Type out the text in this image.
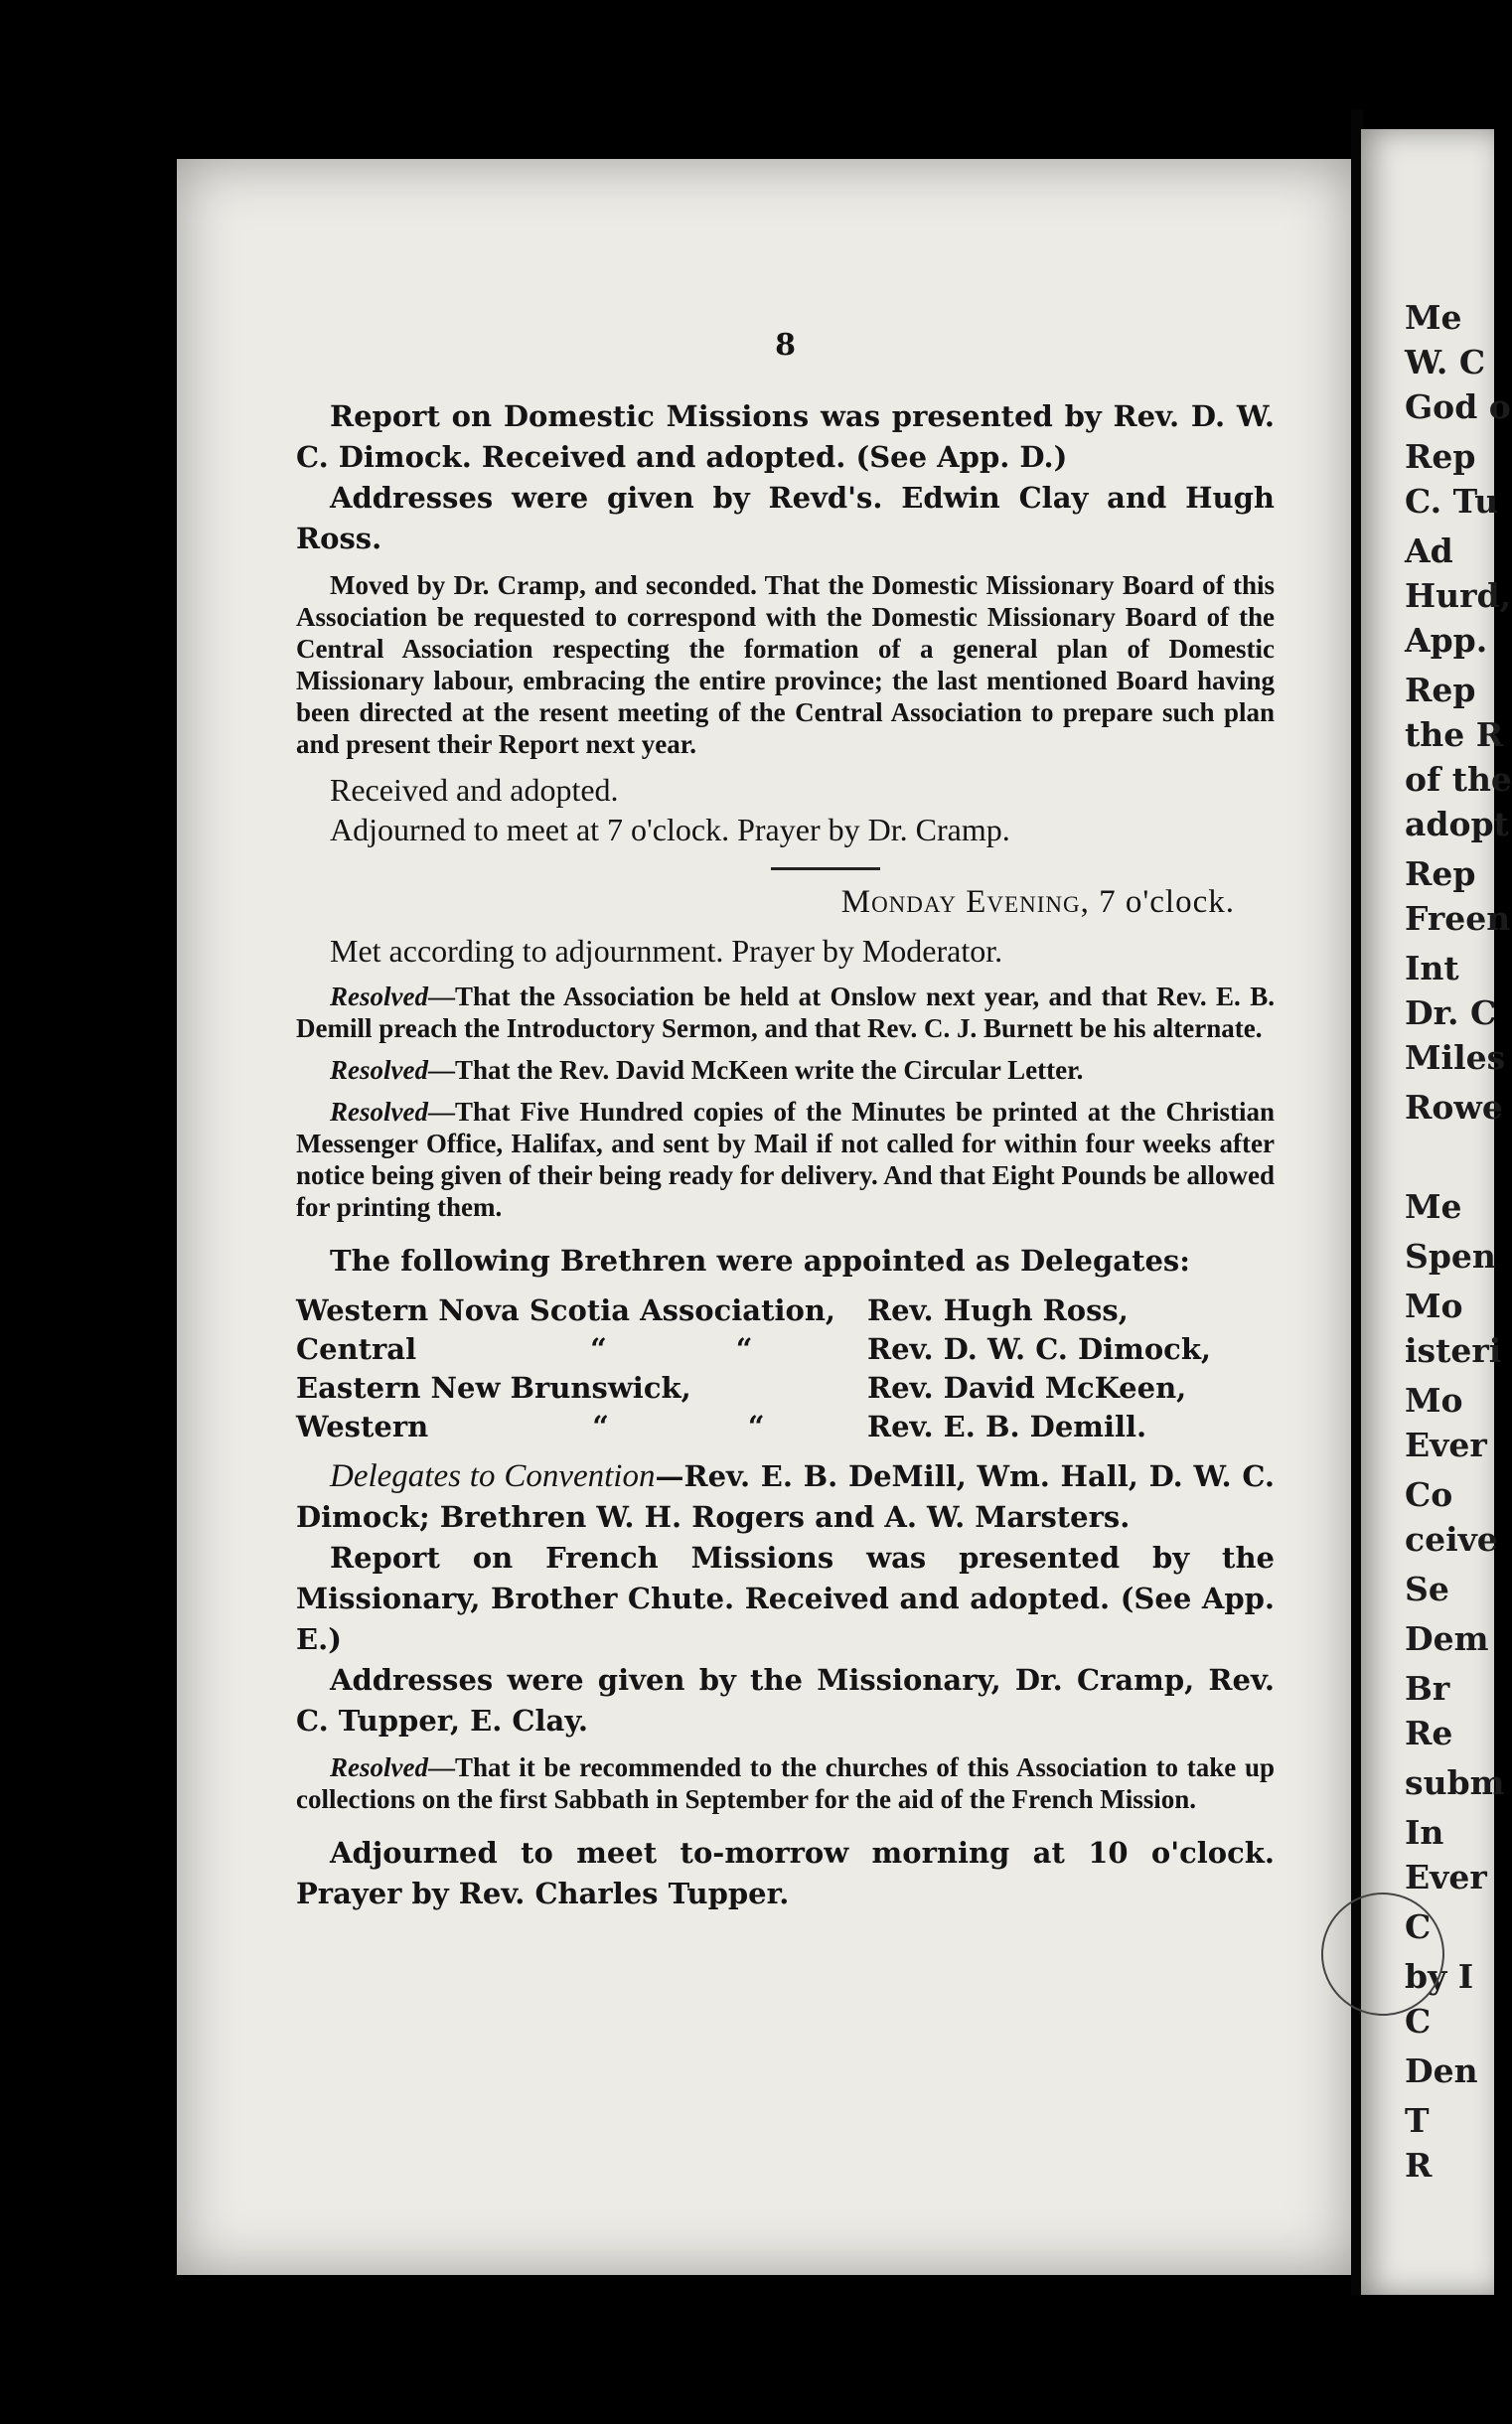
Me
W. C
God o
Rep
C. Tu
Ad
Hurd,
App.
Rep
the R
of the
adopt
Rep
Freen
Int
Dr. C
Miles
Rowe
Me
Spen
Mo
isteri
Mo
Ever
Co
ceive
Se
Dem
Br
Re
subm
In
Ever
C
by I
C
Den
T
R
8

Report on Domestic Missions was presented by Rev. D. W. C. Dimock. Received and adopted. (See App. D.)

Addresses were given by Revd's. Edwin Clay and Hugh Ross.

Moved by Dr. Cramp, and seconded. That the Domestic Missionary Board of this Association be requested to correspond with the Domestic Missionary Board of the Central Association respecting the formation of a general plan of Domestic Missionary labour, embracing the entire province; the last mentioned Board having been directed at the resent meeting of the Central Association to prepare such plan and present their Report next year.

Received and adopted.

Adjourned to meet at 7 o'clock. Prayer by Dr. Cramp.

Monday Evening, 7 o'clock.

Met according to adjournment. Prayer by Moderator.

Resolved—That the Association be held at Onslow next year, and that Rev. E. B. Demill preach the Introductory Sermon, and that Rev. C. J. Burnett be his alternate.

Resolved—That the Rev. David McKeen write the Circular Letter.

Resolved—That Five Hundred copies of the Minutes be printed at the Christian Messenger Office, Halifax, and sent by Mail if not called for within four weeks after notice being given of their being ready for delivery. And that Eight Pounds be allowed for printing them.

The following Brethren were appointed as Delegates:

Western Nova Scotia Association,	Rev. Hugh Ross,
Central “ “	Rev. D. W. C. Dimock,
Eastern New Brunswick,	Rev. David McKeen,
Western “ “	Rev. E. B. Demill.

Delegates to Convention—Rev. E. B. DeMill, Wm. Hall, D. W. C. Dimock; Brethren W. H. Rogers and A. W. Marsters.

Report on French Missions was presented by the Missionary, Brother Chute. Received and adopted. (See App. E.)

Addresses were given by the Missionary, Dr. Cramp, Rev. C. Tupper, E. Clay.

Resolved—That it be recommended to the churches of this Association to take up collections on the first Sabbath in September for the aid of the French Mission.

Adjourned to meet to-morrow morning at 10 o'clock. Prayer by Rev. Charles Tupper.
